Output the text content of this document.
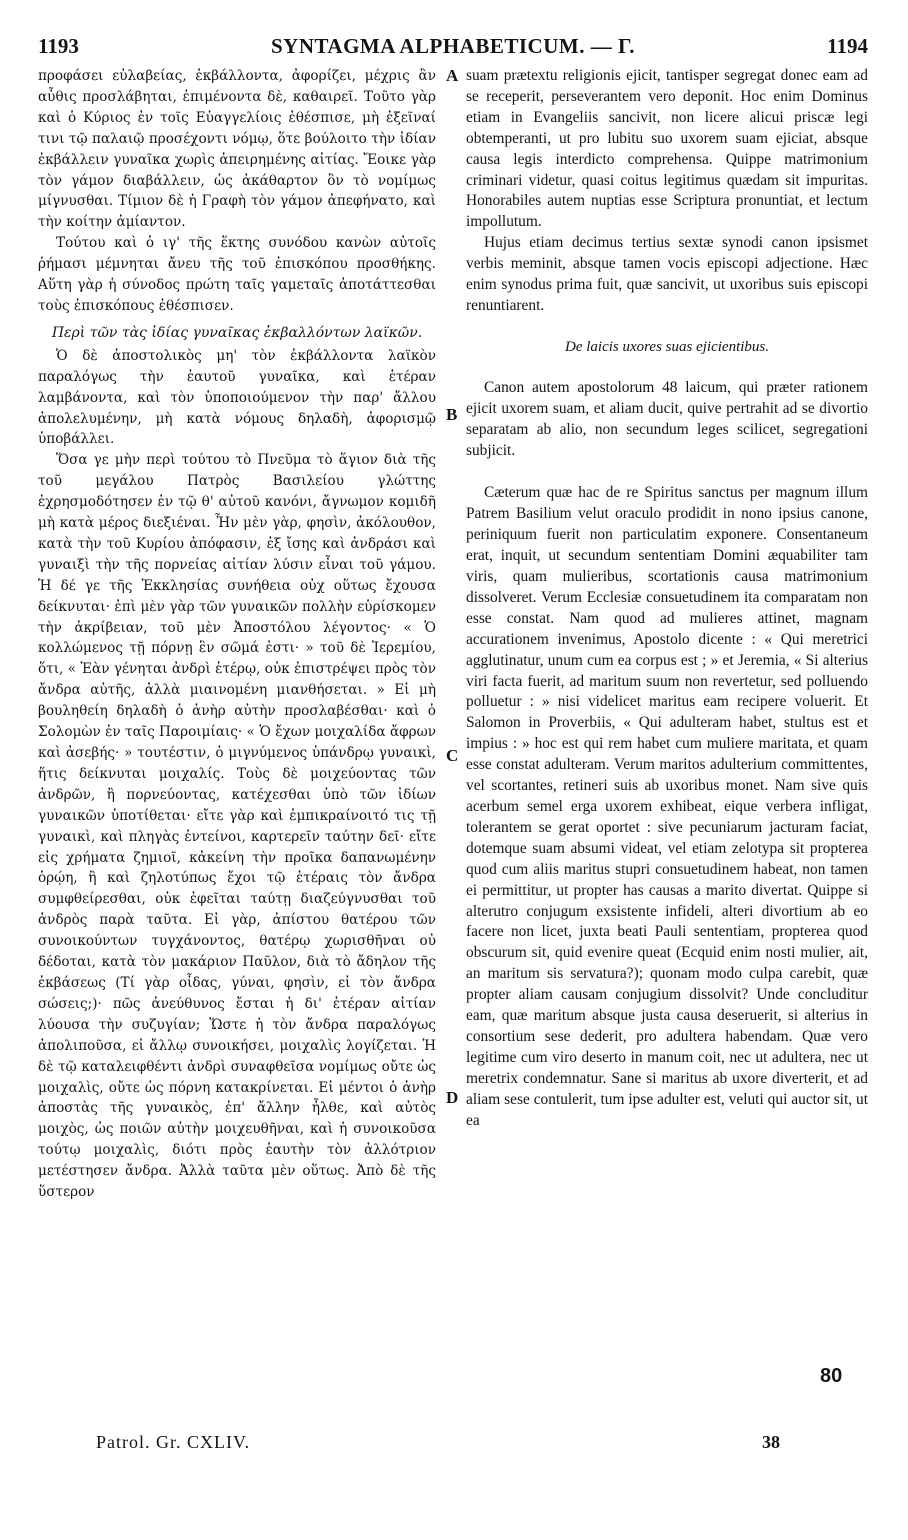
1193	SYNTAGMA ALPHABETICUM. — Γ.	1194

προφάσει εὐλαβείας, ἐκβάλλοντα, ἀφορίζει, μέχρις ἂν αὖθις προσλάβηται, ἐπιμένοντα δὲ, καθαιρεῖ. Τοῦτο γὰρ καὶ ὁ Κύριος ἐν τοῖς Εὐαγγελίοις ἐθέσπισε, μὴ ἐξεῖναί τινι τῷ παλαιῷ προσέχοντι νόμῳ, ὅτε βούλοιτο τὴν ἰδίαν ἐκβάλλειν γυναῖκα χωρὶς ἀπειρημένης αἰτίας. Ἔοικε γὰρ τὸν γάμον διαβάλλειν, ὡς ἀκάθαρτον ὂν τὸ νομίμως μίγνυσθαι. Τίμιον δὲ ἡ Γραφὴ τὸν γάμον ἀπεφήνατο, καὶ τὴν κοίτην ἀμίαντον.

Τούτου καὶ ὁ ιγ' τῆς ἕκτης συνόδου κανὼν αὐτοῖς ῥήμασι μέμνηται ἄνευ τῆς τοῦ ἐπισκόπου προσθήκης. Αὕτη γὰρ ἡ σύνοδος πρώτη ταῖς γαμεταῖς ἀποτάττεσθαι τοὺς ἐπισκόπους ἐθέσπισεν.

Περὶ τῶν τὰς ἰδίας γυναῖκας ἐκβαλλόντων λαϊκῶν.

Ὁ δὲ ἀποστολικὸς μη' τὸν ἐκβάλλοντα λαϊκὸν παραλόγως τὴν ἑαυτοῦ γυναῖκα, καὶ ἑτέραν λαμβάνοντα, καὶ τὸν ὑποποιούμενον τὴν παρ' ἄλλου ἀπολελυμένην, μὴ κατὰ νόμους δηλαδὴ, ἀφορισμῷ ὑποβάλλει.

Ὅσα γε μὴν περὶ τούτου τὸ Πνεῦμα τὸ ἅγιον διὰ τῆς τοῦ μεγάλου Πατρὸς Βασιλείου γλώττης ἐχρησμοδότησεν ἐν τῷ θ' αὐτοῦ κανόνι, ἄγνωμον κομιδῆ μὴ κατὰ μέρος διεξιέναι. Ἦν μὲν γὰρ, φησὶν, ἀκόλουθον, κατὰ τὴν τοῦ Κυρίου ἀπόφασιν, ἐξ ἴσης καὶ ἀνδράσι καὶ γυναιξὶ τὴν τῆς πορνείας αἰτίαν λύσιν εἶναι τοῦ γάμου. Ἡ δέ γε τῆς Ἐκκλησίας συνήθεια οὐχ οὕτως ἔχουσα δείκνυται· ἐπὶ μὲν γὰρ τῶν γυναικῶν πολλὴν εὑρίσκομεν τὴν ἀκρίβειαν, τοῦ μὲν Ἀποστόλου λέγοντος· « Ὁ κολλώμενος τῇ πόρνῃ ἓν σῶμά ἐστι· » τοῦ δὲ Ἱερεμίου, ὅτι, « Ἐὰν γένηται ἀνδρὶ ἑτέρῳ, οὐκ ἐπιστρέψει πρὸς τὸν ἄνδρα αὐτῆς, ἀλλὰ μιαινομένη μιανθήσεται. » Εἰ μὴ βουληθείη δηλαδὴ ὁ ἀνὴρ αὐτὴν προσλαβέσθαι· καὶ ὁ Σολομὼν ἐν ταῖς Παροιμίαις· « Ὁ ἔχων μοιχαλίδα ἄφρων καὶ ἀσεβής· » τουτέστιν, ὁ μιγνύμενος ὑπάνδρῳ γυναικὶ, ἥτις δείκνυται μοιχαλίς. Τοὺς δὲ μοιχεύοντας τῶν ἀνδρῶν, ἢ πορνεύοντας, κατέχεσθαι ὑπὸ τῶν ἰδίων γυναικῶν ὑποτίθεται· εἴτε γὰρ καὶ ἐμπικραίνοιτό τις τῇ γυναικὶ, καὶ πληγὰς ἐντείνοι, καρτερεῖν ταύτην δεῖ· εἴτε εἰς χρήματα ζημιοῖ, κἀκείνη τὴν προῖκα δαπανωμένην ὁρῴη, ἢ καὶ ζηλοτύπως ἔχοι τῷ ἑτέραις τὸν ἄνδρα συμφθείρεσθαι, οὐκ ἐφεῖται ταύτῃ διαζεύγνυσθαι τοῦ ἀνδρὸς παρὰ ταῦτα. Εἰ γὰρ, ἀπίστου θατέρου τῶν συνοικούντων τυγχάνοντος, θατέρῳ χωρισθῆναι οὐ δέδοται, κατὰ τὸν μακάριον Παῦλον, διὰ τὸ ἄδηλον τῆς ἐκβάσεως (Τί γὰρ οἶδας, γύναι, φησὶν, εἰ τὸν ἄνδρα σώσεις;)· πῶς ἀνεύθυνος ἔσται ἡ δι' ἑτέραν αἰτίαν λύουσα τὴν συζυγίαν; Ὥστε ἡ τὸν ἄνδρα παραλόγως ἀπολιποῦσα, εἰ ἄλλῳ συνοικήσει, μοιχαλὶς λογίζεται. Ἡ δὲ τῷ καταλειφθέντι ἀνδρὶ συναφθεῖσα νομίμως οὔτε ὡς μοιχαλὶς, οὔτε ὡς πόρνη κατακρίνεται. Εἰ μέντοι ὁ ἀνὴρ ἀποστὰς τῆς γυναικὸς, ἐπ' ἄλλην ἦλθε, καὶ αὐτὸς μοιχὸς, ὡς ποιῶν αὐτὴν μοιχευθῆναι, καὶ ἡ συνοικοῦσα τούτῳ μοιχαλὶς, διότι πρὸς ἑαυτὴν τὸν ἀλλότριον μετέστησεν ἄνδρα. Ἀλλὰ ταῦτα μὲν οὕτως. Ἀπὸ δὲ τῆς ὕστερον

A
B
C
D

suam prætextu religionis ejicit, tantisper segregat donec eam ad se receperit, perseverantem vero deponit. Hoc enim Dominus etiam in Evangeliis sancivit, non licere alicui priscæ legi obtemperanti, ut pro lubitu suo uxorem suam ejiciat, absque causa legis interdicto comprehensa. Quippe matrimonium criminari videtur, quasi coitus legitimus quædam sit impuritas. Honorabiles autem nuptias esse Scriptura pronuntiat, et lectum impollutum.

Hujus etiam decimus tertius sextæ synodi canon ipsismet verbis meminit, absque tamen vocis episcopi adjectione. Hæc enim synodus prima fuit, quæ sancivit, ut uxoribus suis episcopi renuntiarent.

De laicis uxores suas ejicientibus.

Canon autem apostolorum 48 laicum, qui præter rationem ejicit uxorem suam, et aliam ducit, quive pertrahit ad se divortio separatam ab alio, non secundum leges scilicet, segregationi subjicit.

Cæterum quæ hac de re Spiritus sanctus per magnum illum Patrem Basilium velut oraculo prodidit in nono ipsius canone, periniquum fuerit non particulatim exponere. Consentaneum erat, inquit, ut secundum sententiam Domini æquabiliter tam viris, quam mulieribus, scortationis causa matrimonium dissolveret. Verum Ecclesiæ consuetudinem ita comparatam non esse constat. Nam quod ad mulieres attinet, magnam accurationem invenimus, Apostolo dicente : « Qui meretrici agglutinatur, unum cum ea corpus est ; » et Jeremia, « Si alterius viri facta fuerit, ad maritum suum non revertetur, sed polluendo polluetur : » nisi videlicet maritus eam recipere voluerit. Et Salomon in Proverbiis, « Qui adulteram habet, stultus est et impius : » hoc est qui rem habet cum muliere maritata, et quam esse constat adulteram. Verum maritos adulterium committentes, vel scortantes, retineri suis ab uxoribus monet. Nam sive quis acerbum semel erga uxorem exhibeat, eique verbera infligat, tolerantem se gerat oportet : sive pecuniarum jacturam faciat, dotemque suam absumi videat, vel etiam zelotypa sit propterea quod cum aliis maritus stupri consuetudinem habeat, non tamen ei permittitur, ut propter has causas a marito divertat. Quippe si alterutro conjugum exsistente infideli, alteri divortium ab eo facere non licet, juxta beati Pauli sententiam, propterea quod obscurum sit, quid evenire queat (Ecquid enim nosti mulier, ait, an maritum sis servatura?); quonam modo culpa carebit, quæ propter aliam causam conjugium dissolvit? Unde concluditur eam, quæ maritum absque justa causa deseruerit, si alterius in consortium sese dederit, pro adultera habendam. Quæ vero legitime cum viro deserto in manum coit, nec ut adultera, nec ut meretrix condemnatur. Sane si maritus ab uxore diverterit, et ad aliam sese contulerit, tum ipse adulter est, veluti qui auctor sit, ut ea

80
Patrol. Gr. CXLIV.	38
